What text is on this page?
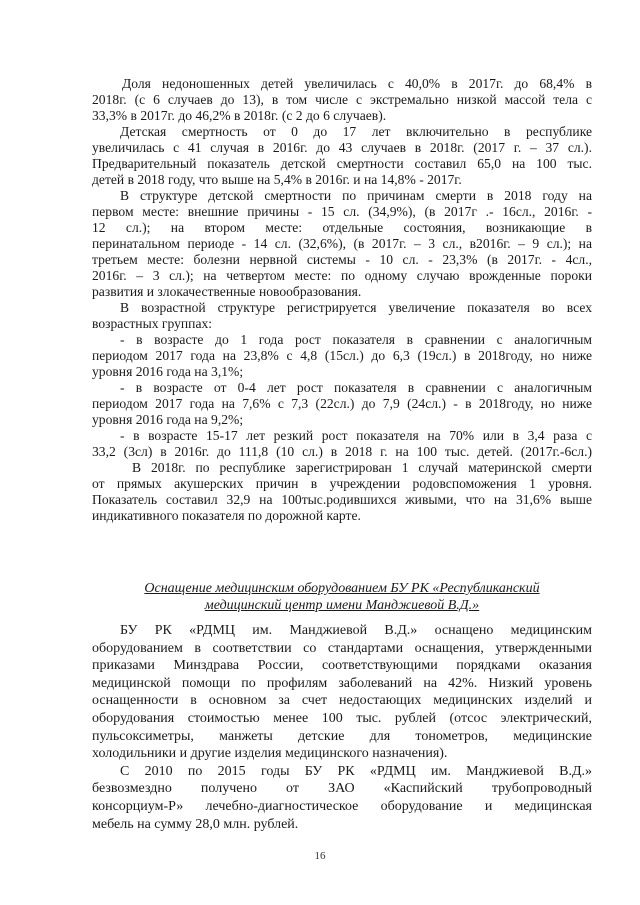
Доля недоношенных детей увеличилась с 40,0% в 2017г. до 68,4% в
2018г. (с 6 случаев до 13), в том числе с экстремально низкой массой тела с
33,3% в 2017г. до 46,2% в 2018г. (с 2 до 6 случаев).
Детская смертность от 0 до 17 лет включительно в республике
увеличилась с 41 случая в 2016г. до 43 случаев в 2018г. (2017 г. – 37 сл.).
Предварительный показатель детской смертности составил 65,0 на 100 тыс.
детей в 2018 году, что выше на 5,4% в 2016г. и на 14,8% - 2017г.
В структуре детской смертности по причинам смерти в 2018 году на
первом месте: внешние причины - 15 сл. (34,9%), (в 2017г .- 16сл., 2016г. -
12 сл.); на втором месте: отдельные состояния, возникающие в
перинатальном периоде - 14 сл. (32,6%), (в 2017г. – 3 сл., в2016г. – 9 сл.); на
третьем месте: болезни нервной системы - 10 сл. - 23,3% (в 2017г. - 4сл.,
2016г. – 3 сл.); на четвертом месте: по одному случаю врожденные пороки
развития и злокачественные новообразования.
В возрастной структуре регистрируется увеличение показателя во всех
возрастных группах:
- в возрасте до 1 года рост показателя в сравнении с аналогичным
периодом 2017 года на 23,8% с 4,8 (15сл.) до 6,3 (19сл.) в 2018году, но ниже
уровня 2016 года на 3,1%;
- в возрасте от 0-4 лет рост показателя в сравнении с аналогичным
периодом 2017 года на 7,6% с 7,3 (22сл.) до 7,9 (24сл.) - в 2018году, но ниже
уровня 2016 года на 9,2%;
- в возрасте 15-17 лет резкий рост показателя на 70% или в 3,4 раза с
33,2 (3сл) в 2016г. до 111,8 (10 сл.) в 2018 г. на 100 тыс. детей. (2017г.-6сл.)
В 2018г. по республике зарегистрирован 1 случай материнской смерти
от прямых акушерских причин в учреждении родовспоможения 1 уровня.
Показатель составил 32,9 на 100тыс.родившихся живыми, что на 31,6% выше
индикативного показателя по дорожной карте.
Оснащение медицинским оборудованием БУ РК «Республиканский
медицинский центр имени Манджиевой В.Д.»
БУ РК «РДМЦ им. Манджиевой В.Д.» оснащено медицинским
оборудованием в соответствии со стандартами оснащения, утвержденными
приказами Минздрава России, соответствующими порядками оказания
медицинской помощи по профилям заболеваний на 42%. Низкий уровень
оснащенности в основном за счет недостающих медицинских изделий и
оборудования стоимостью менее 100 тыс. рублей (отсос электрический,
пульсоксиметры, манжеты детские для тонометров, медицинские
холодильники и другие изделия медицинского назначения).
С 2010 по 2015 годы БУ РК «РДМЦ им. Манджиевой В.Д.»
безвозмездно получено от ЗАО «Каспийский трубопроводный
консорциум-Р» лечебно-диагностическое оборудование и медицинская
мебель на сумму 28,0 млн. рублей.
16
